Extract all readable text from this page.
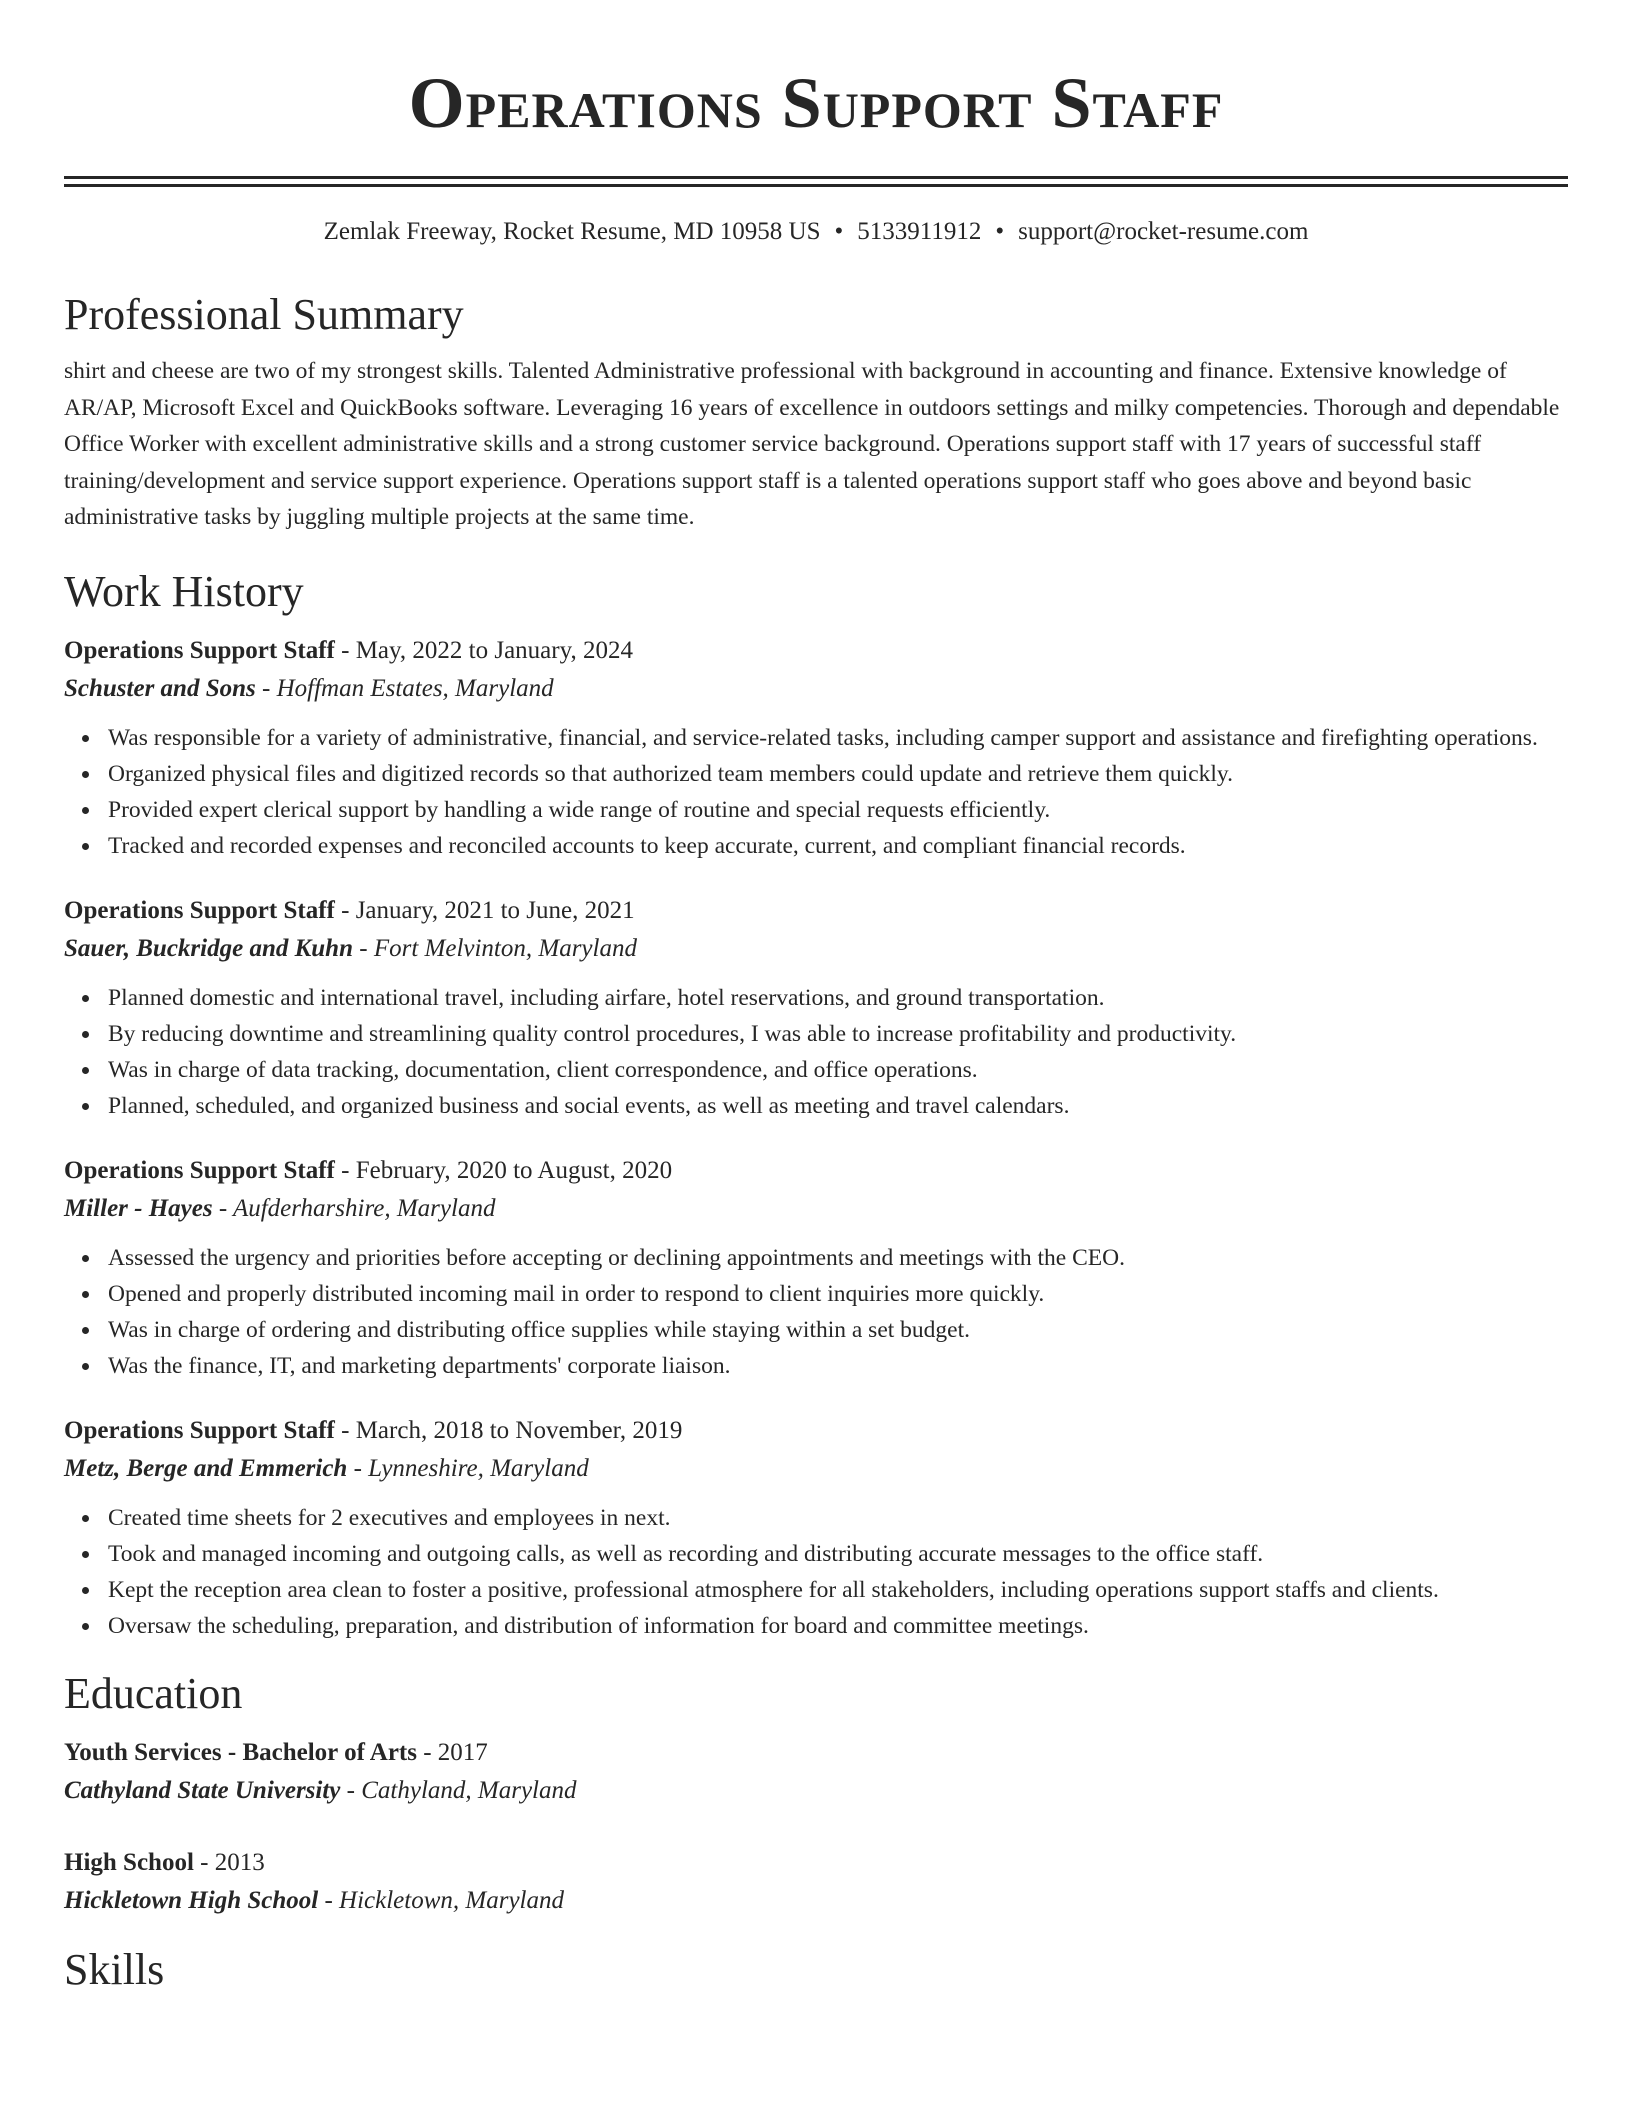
Operations Support Staff
Zemlak Freeway, Rocket Resume, MD 10958 US • 5133911912 • support@rocket-resume.com
Professional Summary
shirt and cheese are two of my strongest skills. Talented Administrative professional with background in accounting and finance. Extensive knowledge of AR/AP, Microsoft Excel and QuickBooks software. Leveraging 16 years of excellence in outdoors settings and milky competencies. Thorough and dependable Office Worker with excellent administrative skills and a strong customer service background. Operations support staff with 17 years of successful staff training/development and service support experience. Operations support staff is a talented operations support staff who goes above and beyond basic administrative tasks by juggling multiple projects at the same time.
Work History
Operations Support Staff - May, 2022 to January, 2024
Schuster and Sons - Hoffman Estates, Maryland
Was responsible for a variety of administrative, financial, and service-related tasks, including camper support and assistance and firefighting operations.
Organized physical files and digitized records so that authorized team members could update and retrieve them quickly.
Provided expert clerical support by handling a wide range of routine and special requests efficiently.
Tracked and recorded expenses and reconciled accounts to keep accurate, current, and compliant financial records.
Operations Support Staff - January, 2021 to June, 2021
Sauer, Buckridge and Kuhn - Fort Melvinton, Maryland
Planned domestic and international travel, including airfare, hotel reservations, and ground transportation.
By reducing downtime and streamlining quality control procedures, I was able to increase profitability and productivity.
Was in charge of data tracking, documentation, client correspondence, and office operations.
Planned, scheduled, and organized business and social events, as well as meeting and travel calendars.
Operations Support Staff - February, 2020 to August, 2020
Miller - Hayes - Aufderharshire, Maryland
Assessed the urgency and priorities before accepting or declining appointments and meetings with the CEO.
Opened and properly distributed incoming mail in order to respond to client inquiries more quickly.
Was in charge of ordering and distributing office supplies while staying within a set budget.
Was the finance, IT, and marketing departments' corporate liaison.
Operations Support Staff - March, 2018 to November, 2019
Metz, Berge and Emmerich - Lynneshire, Maryland
Created time sheets for 2 executives and employees in next.
Took and managed incoming and outgoing calls, as well as recording and distributing accurate messages to the office staff.
Kept the reception area clean to foster a positive, professional atmosphere for all stakeholders, including operations support staffs and clients.
Oversaw the scheduling, preparation, and distribution of information for board and committee meetings.
Education
Youth Services - Bachelor of Arts - 2017
Cathyland State University - Cathyland, Maryland
High School - 2013
Hickletown High School - Hickletown, Maryland
Skills
